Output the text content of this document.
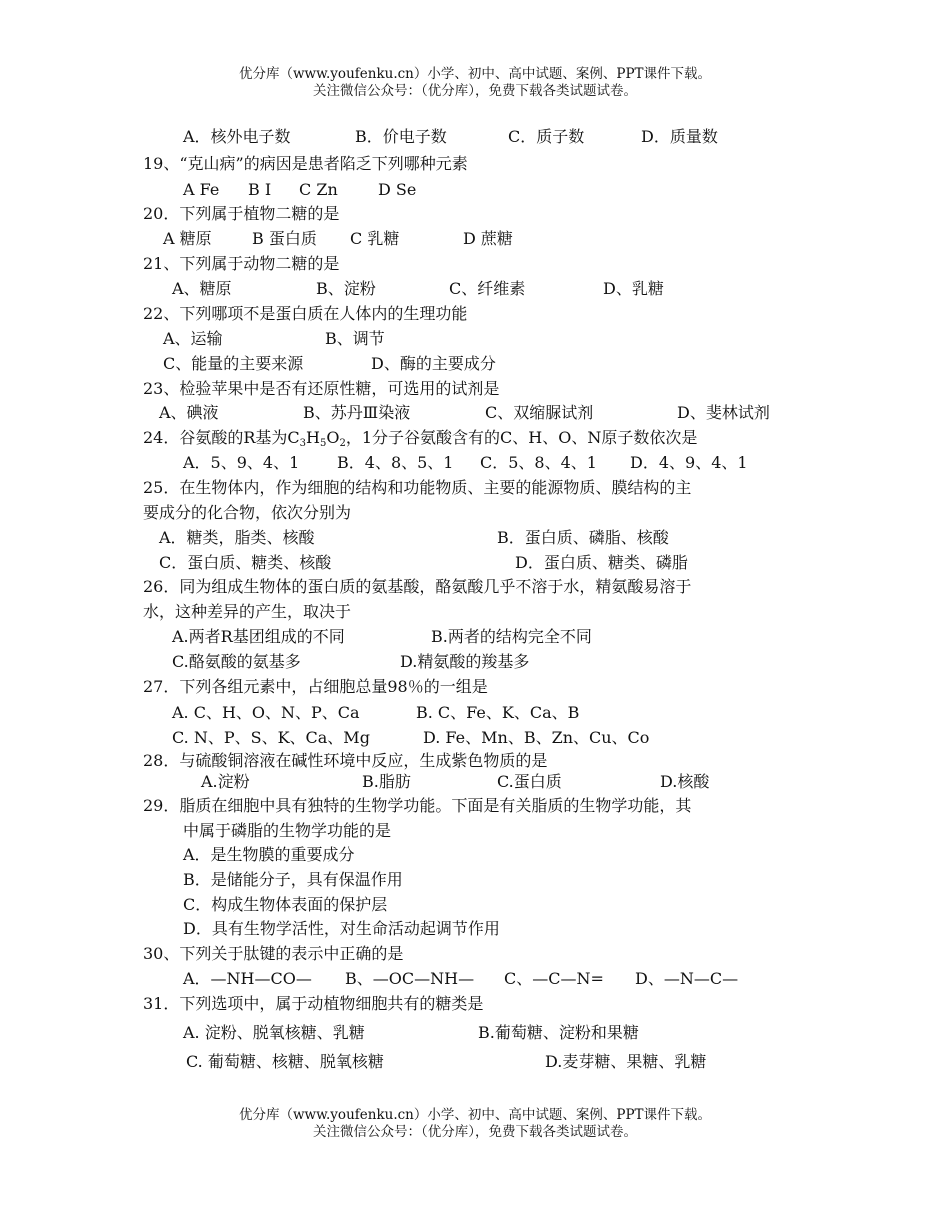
优分库（www.youfenku.cn）小学、初中、高中试题、案例、PPT课件下载。
关注微信公众号：（优分库），免费下载各类试题试卷。
A．核外电子数	B．价电子数	C．质子数	D．质量数
19、“克山病”的病因是患者陷乏下列哪种元素
A Fe B I C Zn	D Se
20．下列属于植物二糖的是
A 糖原	B 蛋白质 C 乳糖	D 蔗糖
21、下列属于动物二糖的是
A、糖原	B、淀粉	C、纤维素	D、乳糖
22、下列哪项不是蛋白质在人体内的生理功能
A、运输	B、调节
C、能量的主要来源	D、酶的主要成分
23、检验苹果中是否有还原性糖，可选用的试剂是
A、碘液	B、苏丹Ⅲ染液	C、双缩脲试剂	D、斐林试剂
24．谷氨酸的R基为$C_3H_5O_2$，1分子谷氨酸含有的C、H、O、N原子数依次是
A．5、9、4、1 B．4、8、5、1 C．5、8、4、1 D．4、9、4、1
25．在生物体内，作为细胞的结构和功能物质、主要的能源物质、膜结构的主
要成分的化合物，依次分别为
A．糖类，脂类、核酸	B．蛋白质、磷脂、核酸
C．蛋白质、糖类、核酸	D．蛋白质、糖类、磷脂
26．同为组成生物体的蛋白质的氨基酸，酪氨酸几乎不溶于水，精氨酸易溶于
水，这种差异的产生，取决于
A.两者R基团组成的不同	B.两者的结构完全不同
C.酪氨酸的氨基多	D.精氨酸的羧基多
27．下列各组元素中，占细胞总量98％的一组是
A. C、H、O、N、P、Ca	B. C、Fe、K、Ca、B
C. N、P、S、K、Ca、Mg	D. Fe、Mn、B、Zn、Cu、Co
28．与硫酸铜溶液在碱性环境中反应，生成紫色物质的是
A.淀粉	B.脂肪	C.蛋白质	D.核酸
29．脂质在细胞中具有独特的生物学功能。下面是有关脂质的生物学功能，其
中属于磷脂的生物学功能的是
A．是生物膜的重要成分
B．是储能分子，具有保温作用
C．构成生物体表面的保护层
D．具有生物学活性，对生命活动起调节作用
30、下列关于肽键的表示中正确的是
A．—NH—CO— B、—OC—NH— C、—C—N= D、—N—C—
31．下列选项中，属于动植物细胞共有的糖类是
A. 淀粉、脱氧核糖、乳糖	B.葡萄糖、淀粉和果糖
C. 葡萄糖、核糖、脱氧核糖	D.麦芽糖、果糖、乳糖
优分库（www.youfenku.cn）小学、初中、高中试题、案例、PPT课件下载。
关注微信公众号：（优分库），免费下载各类试题试卷。
